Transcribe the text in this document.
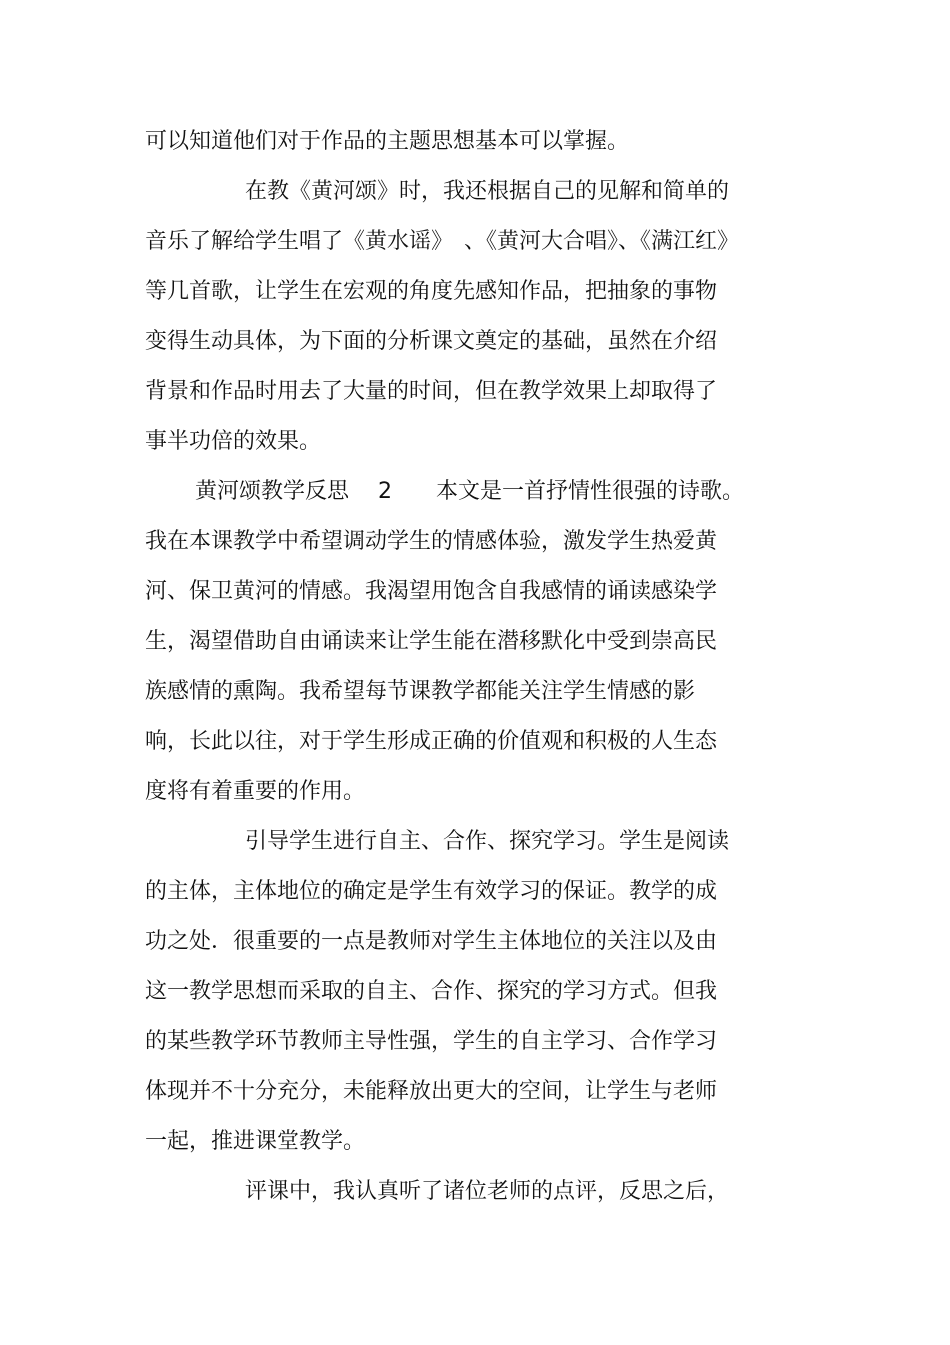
可以知道他们对于作品的主题思想基本可以掌握。
在教《黄河颂》时，我还根据自己的见解和简单的
音乐了解给学生唱了《黄水谣》　、《黄河大合唱》、《满江红》
等几首歌，让学生在宏观的角度先感知作品，把抽象的事物
变得生动具体，为下面的分析课文奠定的基础，虽然在介绍
背景和作品时用去了大量的时间，但在教学效果上却取得了
事半功倍的效果。
黄河颂教学反思　 2　　本文是一首抒情性很强的诗歌。
我在本课教学中希望调动学生的情感体验，激发学生热爱黄
河、保卫黄河的情感。我渴望用饱含自我感情的诵读感染学
生，渴望借助自由诵读来让学生能在潜移默化中受到崇高民
族感情的熏陶。我希望每节课教学都能关注学生情感的影
响，长此以往，对于学生形成正确的价值观和积极的人生态
度将有着重要的作用。
引导学生进行自主、合作、探究学习。学生是阅读
的主体，主体地位的确定是学生有效学习的保证。教学的成
功之处．很重要的一点是教师对学生主体地位的关注以及由
这一教学思想而采取的自主、合作、探究的学习方式。但我
的某些教学环节教师主导性强，学生的自主学习、合作学习
体现并不十分充分，未能释放出更大的空间，让学生与老师
一起，推进课堂教学。
评课中，我认真听了诸位老师的点评，反思之后，
